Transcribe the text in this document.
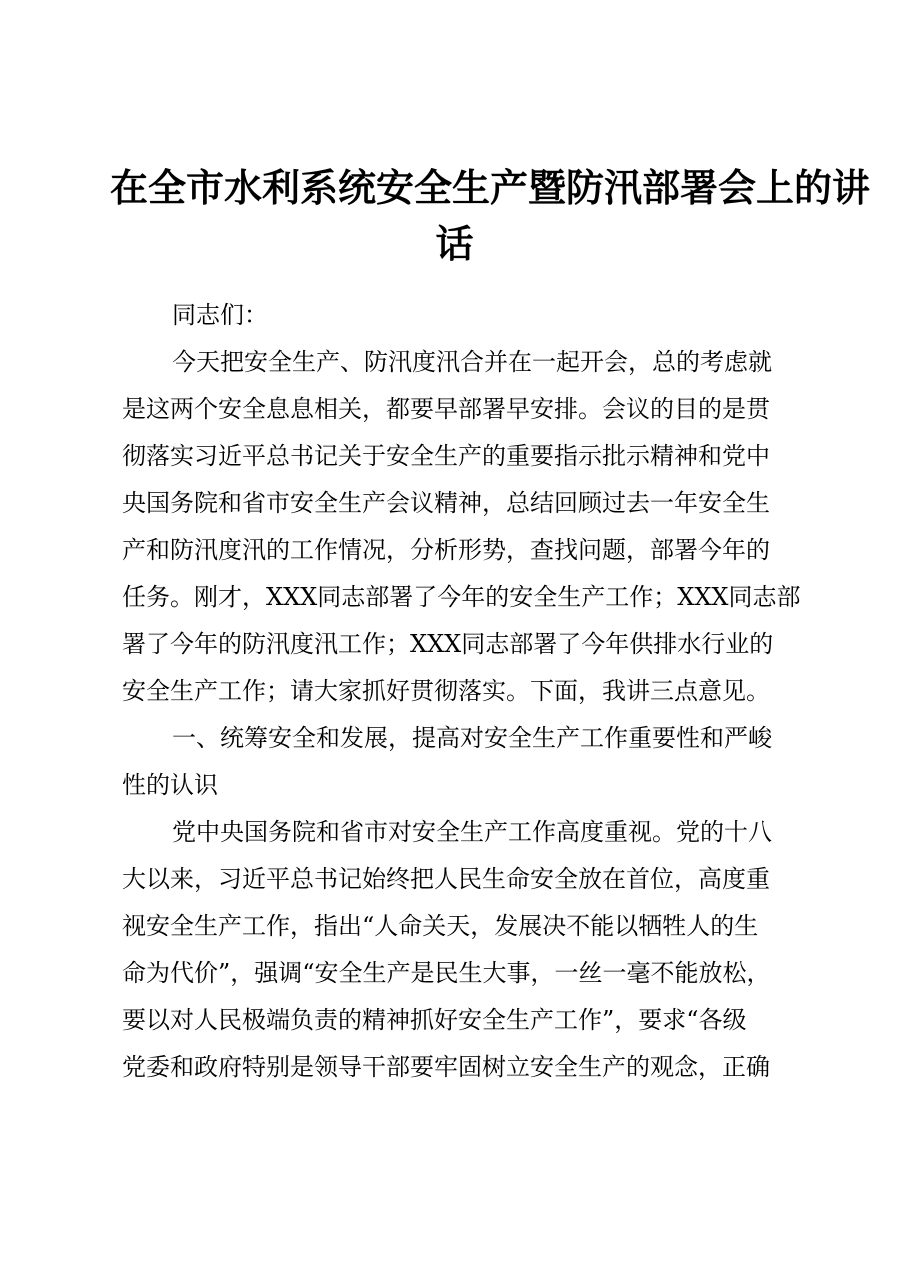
在全市水利系统安全生产暨防汛部署会上的讲
话
同志们：
今天把安全生产、防汛度汛合并在一起开会，总的考虑就
是这两个安全息息相关，都要早部署早安排。会议的目的是贯
彻落实习近平总书记关于安全生产的重要指示批示精神和党中
央国务院和省市安全生产会议精神，总结回顾过去一年安全生
产和防汛度汛的工作情况，分析形势，查找问题，部署今年的
任务。刚才，XXX同志部署了今年的安全生产工作；XXX同志部
署了今年的防汛度汛工作；XXX同志部署了今年供排水行业的
安全生产工作；请大家抓好贯彻落实。下面，我讲三点意见。
一、统筹安全和发展，提高对安全生产工作重要性和严峻
性的认识
党中央国务院和省市对安全生产工作高度重视。党的十八
大以来，习近平总书记始终把人民生命安全放在首位，高度重
视安全生产工作，指出“人命关天，发展决不能以牺牲人的生
命为代价”，强调“安全生产是民生大事，一丝一毫不能放松，
要以对人民极端负责的精神抓好安全生产工作”，要求“各级
党委和政府特别是领导干部要牢固树立安全生产的观念，正确
